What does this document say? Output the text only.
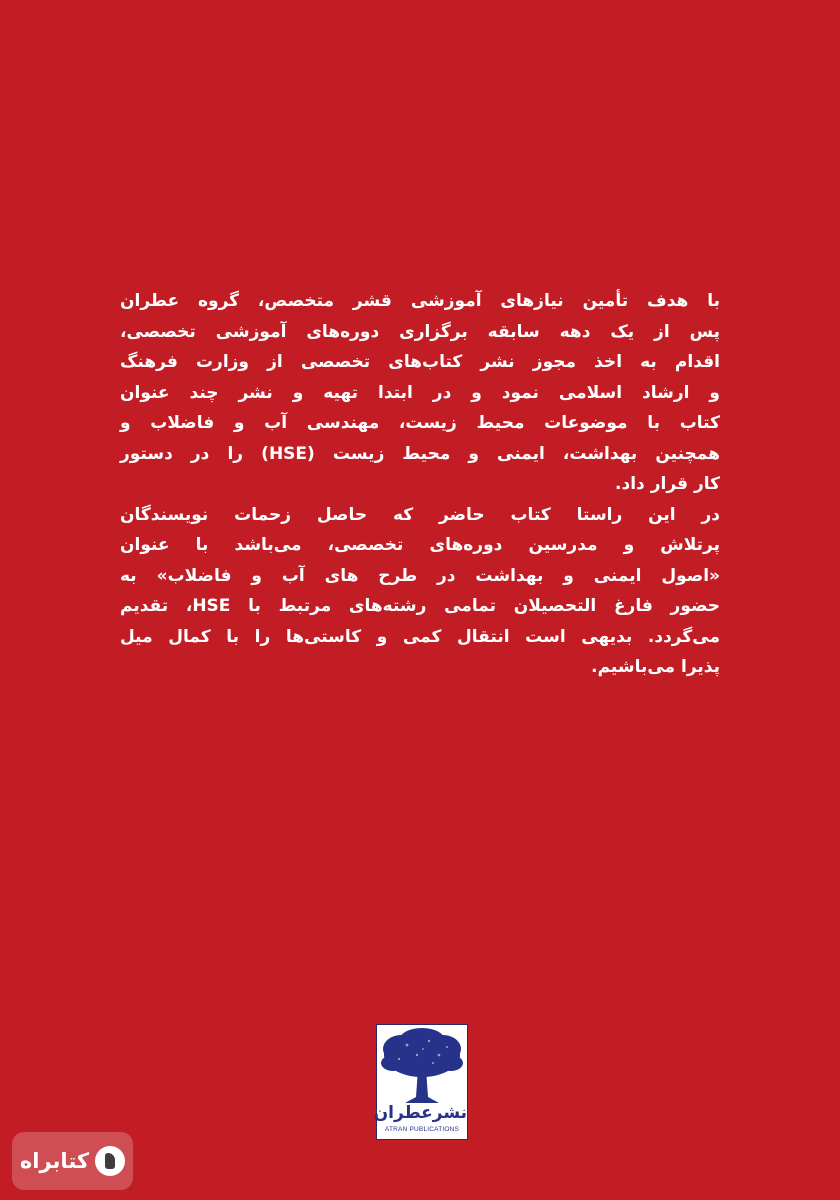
با هدف تأمین نیازهای آموزشی قشر متخصص، گروه عطران
پس از یک دهه سابقه برگزاری دوره‌های آموزشی تخصصی،
اقدام به اخذ مجوز نشر کتاب‌های تخصصی از وزارت فرهنگ
و ارشاد اسلامی نمود و در ابتدا تهیه و نشر چند عنوان
کتاب با موضوعات محیط زیست، مهندسی آب و فاضلاب و
همچنین بهداشت، ایمنی و محیط زیست (HSE) را در دستور
کار قرار داد.

در این راستا کتاب حاضر که حاصل زحمات نویسندگان
پرتلاش و مدرسین دوره‌های تخصصی، می‌باشد با عنوان
«اصول ایمنی و بهداشت در طرح های آب و فاضلاب» به
حضور فارغ التحصیلان تمامی رشته‌های مرتبط با HSE، تقدیم
می‌گردد. بدیهی است انتقال کمی و کاستی‌ها را با کمال میل
پذیرا می‌باشیم.

نشرعطران
ATRAN PUBLICATIONS
کتابراه
